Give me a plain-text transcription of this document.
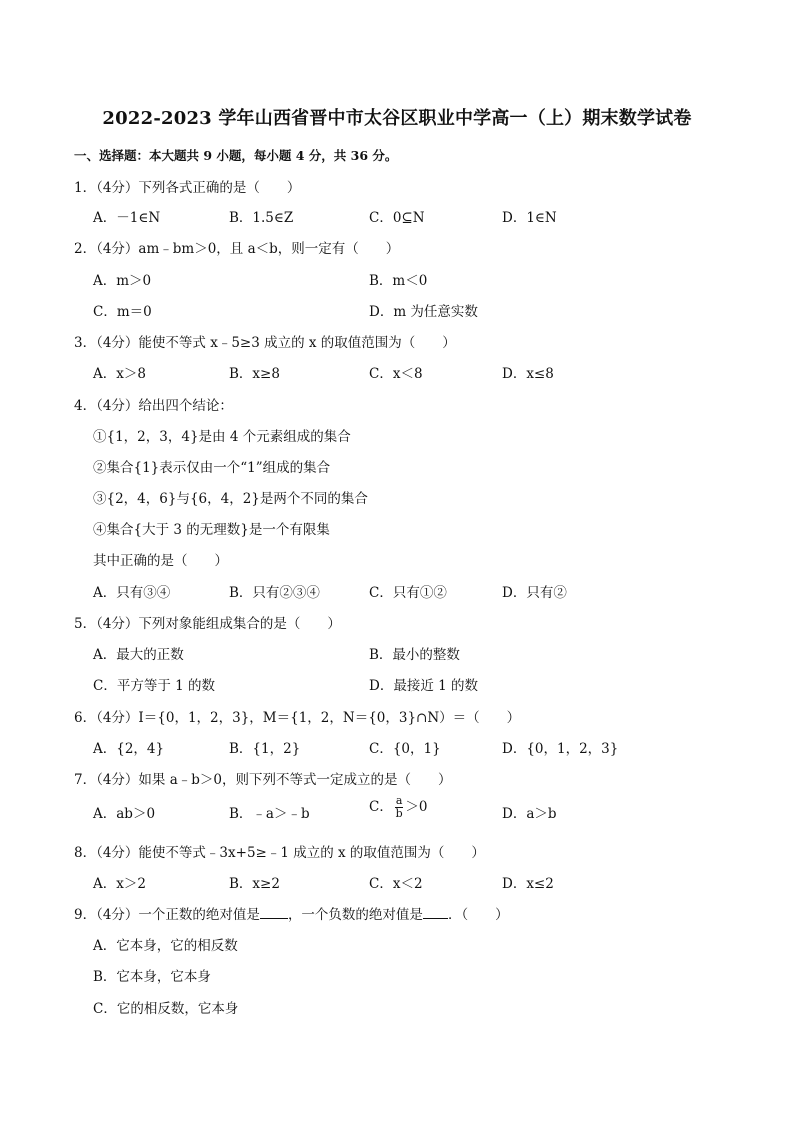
2022-2023 学年山西省晋中市太谷区职业中学高一（上）期末数学试卷
一、选择题：本大题共 9 小题，每小题 4 分，共 36 分。
1．（4分）下列各式正确的是（　　）
A．－1∈N	B．1.5∈Z	C．0⊆N	D．1∈N
2．（4分）am﹣bm＞0，且 a＜b，则一定有（　　）
A．m＞0	B．m＜0
C．m＝0	D．m 为任意实数
3．（4分）能使不等式 x﹣5≥3 成立的 x 的取值范围为（　　）
A．x＞8	B．x≥8	C．x＜8	D．x≤8
4．（4分）给出四个结论：
①{1，2，3，4}是由 4 个元素组成的集合
②集合{1}表示仅由一个“1”组成的集合
③{2，4，6}与{6，4，2}是两个不同的集合
④集合{大于 3 的无理数}是一个有限集
其中正确的是（　　）
A．只有③④	B．只有②③④	C．只有①②	D．只有②
5．（4分）下列对象能组成集合的是（　　）
A．最大的正数	B．最小的整数
C．平方等于 1 的数	D．最接近 1 的数
6．（4分）I＝{0，1，2，3}，M＝{1，2，N＝{0，3}∩N）＝（　　）
A．{2，4}	B．{1，2}	C．{0，1}	D．{0，1，2，3}
7．（4分）如果 a﹣b＞0，则下列不等式一定成立的是（　　）
A．ab＞0	B．﹣a＞﹣b	C． $\frac{a}{b} >0$	D．a＞b
8．（4分）能使不等式﹣3x+5≥﹣1 成立的 x 的取值范围为（　　）
A．x＞2	B．x≥2	C．x＜2	D．x≤2
9．（4分）一个正数的绝对值是 ，一个负数的绝对值是 ．（　　）
A．它本身，它的相反数
B．它本身，它本身
C．它的相反数，它本身
